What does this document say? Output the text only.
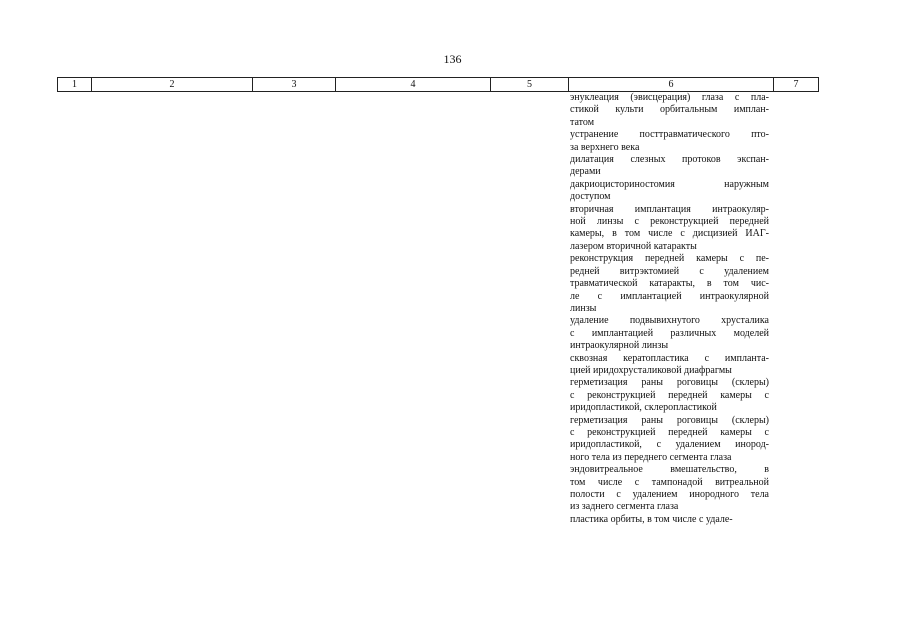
136
1	2	3	4	5	6	7

энуклеация (эвисцерация) глаза с пла-
стикой культи орбитальным имплан-
татом

устранение посттравматического пто-
за верхнего века

дилатация слезных протоков экспан-
дерами

дакриоцисториностомия наружным
доступом

вторичная имплантация интраокуляр-
ной линзы с реконструкцией передней
камеры, в том числе с дисцизией ИАГ-
лазером вторичной катаракты

реконструкция передней камеры с пе-
редней витрэктомией с удалением
травматической катаракты, в том чис-
ле с имплантацией интраокулярной
линзы

удаление подвывихнутого хрусталика
с имплантацией различных моделей
интраокулярной линзы

сквозная кератопластика с импланта-
цией иридохрусталиковой диафрагмы

герметизация раны роговицы (склеры)
с реконструкцией передней камеры с
иридопластикой, склеропластикой

герметизация раны роговицы (склеры)
с реконструкцией передней камеры с
иридопластикой, с удалением инород-
ного тела из переднего сегмента глаза

эндовитреальное вмешательство, в
том числе с тампонадой витреальной
полости с удалением инородного тела
из заднего сегмента глаза

пластика орбиты, в том числе с удале-
